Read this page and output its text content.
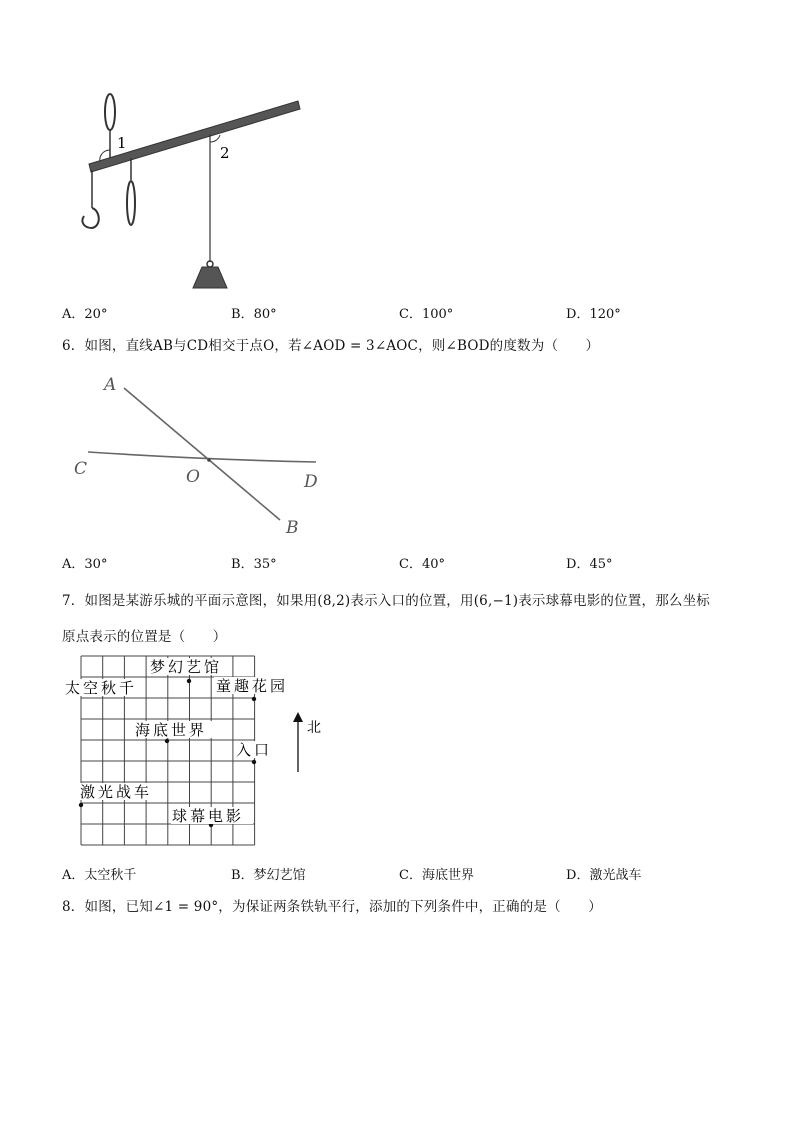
1
2
A．20°	B．80°	C．100°	D．120°
6．如图，直线AB与CD相交于点O，若∠AOD = 3∠AOC，则∠BOD的度数为（　　）
A
C	O	D
B
A．30°	B．35°	C．40°	D．45°
7．如图是某游乐城的平面示意图，如果用(8,2)表示入口的位置，用(6,−1)表示球幕电影的位置，那么坐标
原点表示的位置是（　　）
梦幻艺馆
太空秋千	童趣花园
海底世界
入口
激光战车
球幕电影
北
A．太空秋千	B．梦幻艺馆	C．海底世界	D．激光战车
8．如图，已知∠1 = 90°，为保证两条铁轨平行，添加的下列条件中，正确的是（　　）
